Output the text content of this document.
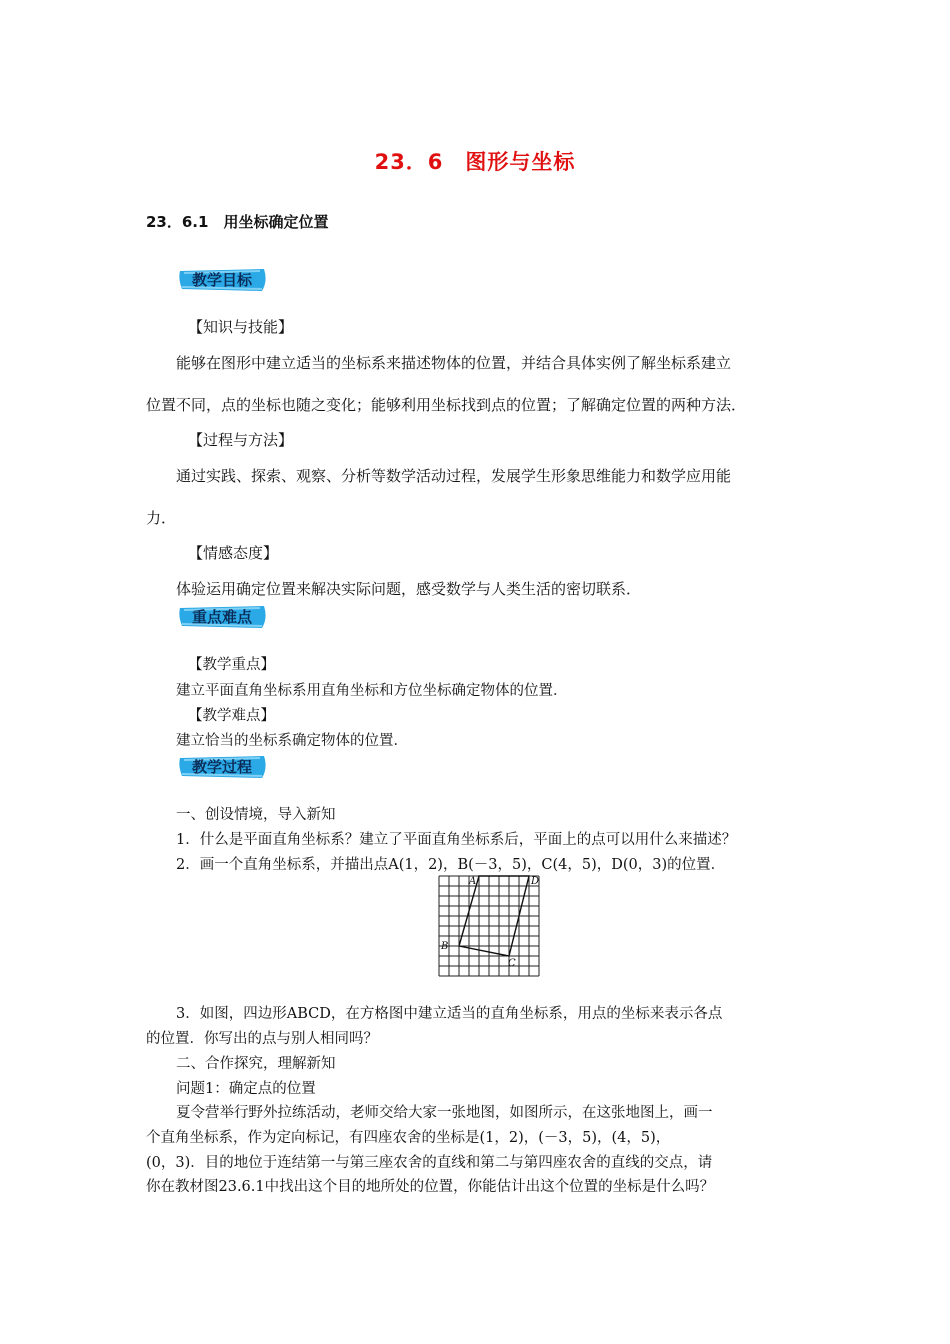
23．6　图形与坐标
23．6.1　用坐标确定位置
教学目标
【知识与技能】
能够在图形中建立适当的坐标系来描述物体的位置，并结合具体实例了解坐标系建立
位置不同，点的坐标也随之变化；能够利用坐标找到点的位置；了解确定位置的两种方法．
【过程与方法】
通过实践、探索、观察、分析等数学活动过程，发展学生形象思维能力和数学应用能
力．
【情感态度】
体验运用确定位置来解决实际问题，感受数学与人类生活的密切联系．
重点难点
【教学重点】
建立平面直角坐标系用直角坐标和方位坐标确定物体的位置．
【教学难点】
建立恰当的坐标系确定物体的位置．
教学过程
一、创设情境，导入新知
1．什么是平面直角坐标系？建立了平面直角坐标系后，平面上的点可以用什么来描述？
2．画一个直角坐标系，并描出点A(1，2)，B(－3，5)，C(4，5)，D(0，3)的位置．
A
B
C
D
3．如图，四边形ABCD，在方格图中建立适当的直角坐标系，用点的坐标来表示各点
的位置．你写出的点与别人相同吗？
二、合作探究，理解新知
问题1：确定点的位置
夏令营举行野外拉练活动，老师交给大家一张地图，如图所示，在这张地图上，画一
个直角坐标系，作为定向标记，有四座农舍的坐标是(1，2)，(－3，5)，(4，5)，
(0，3)．目的地位于连结第一与第三座农舍的直线和第二与第四座农舍的直线的交点，请
你在教材图23.6.1中找出这个目的地所处的位置，你能估计出这个位置的坐标是什么吗？
